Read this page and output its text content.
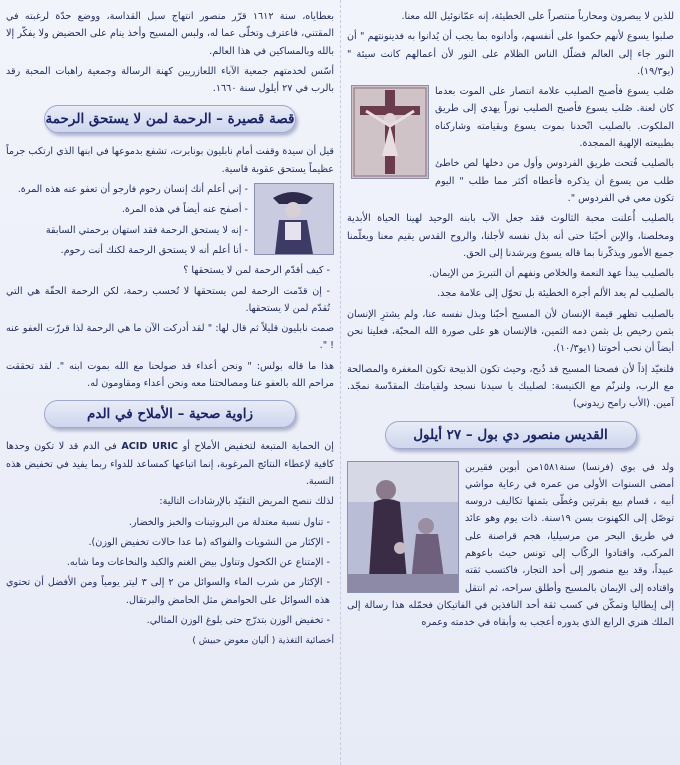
للذين لا يبصرون ومحارباً منتصراً على الخطيئة، إنه عمّانوئيل الله معنا.

صلبوا يسوع لأنهم حكموا على أنفسهم، وأدانوه بما يجب أن يُدانوا به فدينونتهم " أن النور جاء إلى العالم فضلّل الناس الظلام على النور لأن أعمالهم كانت سيئة " (يو١٩/٣).

صُلب يسوع فأصبح الصليب علامة انتصار على الموت بعدما كان لعنة. صُلب يسوع فأصبح الصليب نوراً يهدي إلى طريق الملكوت. بالصليب اتّحدنا بموت يسوع وبقيامته وشاركناه بطبيعته الإلهية الممجدة.

بالصليب فُتحت طريق الفردوس وأول من دخلها لص خاطئ طلب من يسوع أن يذكره فأعطاه أكثر مما طلب " اليوم تكون معي في الفردوس ".

بالصليب أُعلنت محبة الثالوث فقد جعل الآب بابنه الوحيد لهينا الحياة الأبدية ومخلصنا، والإبن أحبّنا حتى أنه بذل نفسه لأجلنا، والروح القدس يقيم معنا ويعلّمنا جميع الأمور ويذكّرنا بما قاله يسوع ويرشدنا إلى الحق.

بالصليب يبدأ عهد النعمة والخلاص ونفهم أن التبريرَ من الإيمان.

بالصليب لم يعد الألم أجرة الخطيئة بل تحوّل إلى علامة مجد.

بالصليب تظهر قيمة الإنسان لأن المسيح أحبّنا وبذل نفسه عنا، ولم يشترِ الإنسان بثمن رخيص بل بثمن دمه الثمين، فالإنسان هو على صورة الله المحبّة، فعلينا نحن أيضاً أن نحب أخوتنا (١يو١٠/٣).

فلنعيّد إذاً لأن فصحنا المسيح قد ذُبح، وحيث تكون الذبيحة تكون المغفرة والمصالحة مع الرب، ولنرنّم مع الكنيسة: لصليبك يا سيدنا نسجد ولقيامتك المقدّسة نمجّد. آمين. (الأب رامح زيدوني)

القديس منصور دي بول – ٢٧ أيلول

ولد في بوي (فرنسا) سنة١٥٨١من أبوين فقيرين أمضى السنوات الأولى من عمره في رعاية مواشي أبيه ، قسام بيع بقرتين وغطّى بثمنها تكاليف دروسه توصّل إلى الكهنوت بسن ١٩سنة. ذات يوم وهو عائد في طريق البحر من مرسيليا، هجم قراصنة على المركب، واقتادوا الركّاب إلى تونس حيث باعوهم عبيداً، وقد بيع منصور إلى أحد التجار، فاكتسب ثقته واقتاده إلى الإيمان بالمسيح وأطلق سراحه، ثم انتقل إلى إيطاليا وتمكّن في كسب ثقة أحد النافذين في الفاتيكان فحمّله هذا رسالة إلى الملك هنري الرابع الذي يدوره أعجب به وأبقاه في خدمته وعمره

بعطاياه، سنة ١٦١٢ قرّر منصور انتهاج سبل القداسة، ووضع حدّة لرغبته في المقتني، فاعترف وتخلّى عما له، ولبس المسيح وأخذ ينام على الحضيض ولا يفكّر إلا بالله وبالمساكين في هذا العالم.

أسّس لخدمتهم جمعية الآباء اللعازريين كهنة الرسالة وجمعية راهبات المحبة رقد بالرب في ٢٧ أيلول سنة ١٦٦٠.

قصة قصيرة – الرحمة لمن لا يستحق الرحمة

قيل أن سيدة وقفت أمام نابليون بونابرت، تشفع بدموعها في ابنها الذي ارتكب جرماً عظيماً يستحق عقوبة قاسية.

- إني أعلم أنك إنسان رحوم فارجو أن تعفو عنه هذه المرة.

- أصفح عنه أيضاً في هذه المرة.

- إنه لا يستحق الرحمة فقد استهان برحمتي السابقة

- أنا أعلم أنه لا يستحق الرحمة لكنك أنت رحوم.

- كيف أقدّم الرحمة لمن لا يستحقها ؟

- إن قدّمت الرحمة لمن يستحقها لا تُحسب رحمة، لكن الرحمة الحقّة هي التي تُقدّم لمن لا يستحقها.

صمت نابليون قليلاً ثم قال لها: " لقد أدركت الآن ما هي الرحمة لذا قررّت العفو عنه ! ".

هذا ما قاله بولس: " ونحن أعداء قد صولحنا مع الله بموت ابنه ". لقد تحققت مراحم الله بالعفو عنا ومصالحتنا معه ونحن أعداء ومقاومون له.

زاوية صحية – الأملاح في الدم

إن الحماية المتبعة لتخفيض الأملاح أو ACID URIC في الدم قد لا تكون وحدها كافية لإعطاء النتائج المرغوبة، إنما اتباعها كمساعد للدواء ربما يفيد في تخفيض هذه النسبة.

لذلك ننصح المريض التقيّد بالإرشادات التالية:

- تناول نسبة معتدلة من البروتينات والخبز والخضار.

- الإكثار من النشويات والفواكه (ما عدا حالات تخفيض الوزن).

- الإمتناع عن الكحول وتناول بيض الغنم والكبد والنخاعات وما شابه.

- الإكثار من شرب الماء والسوائل من ٢ إلى ٣ ليتر يومياً ومن الأفضل أن تحتوي هذه السوائل على الحوامض مثل الحامض والبرتقال.

- تخفيض الوزن بتدرّج حتى بلوغ الوزن المثالي.

أخصائية التغذية ( أليان معوض حبيش )
